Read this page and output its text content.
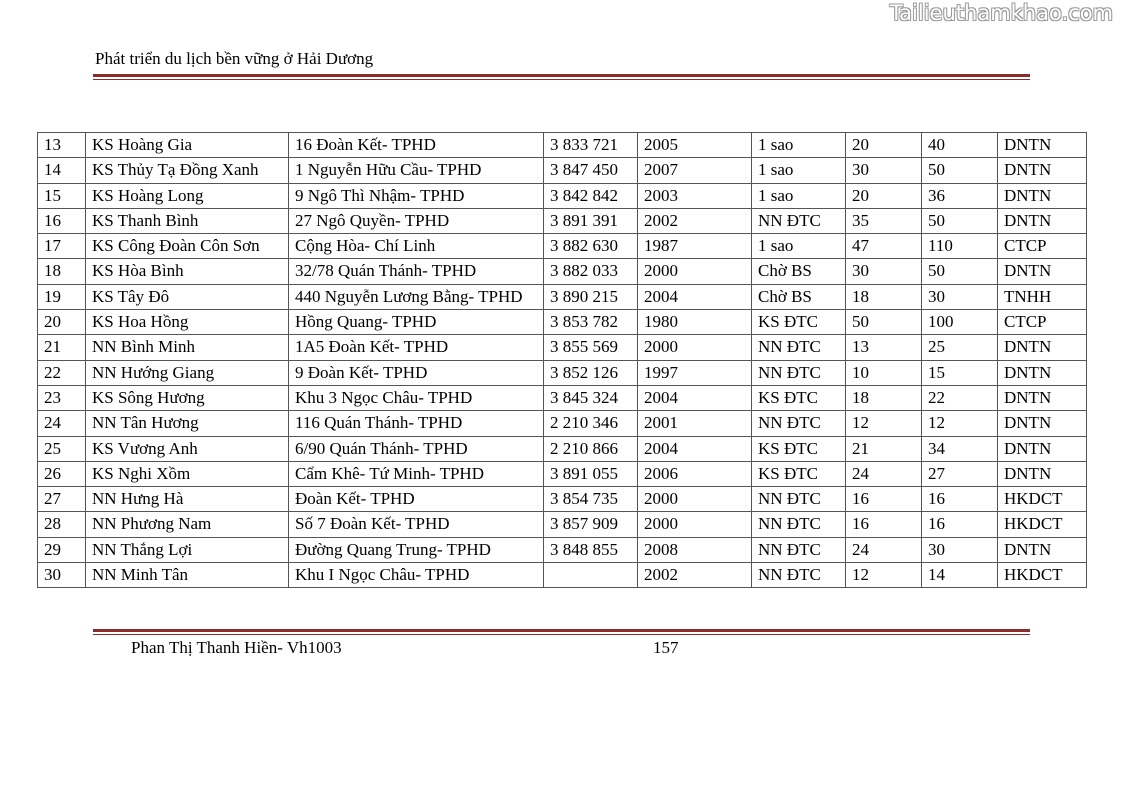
Tailieuthamkhao.com
Phát triển du lịch bền vững ở Hải Dương
13	KS Hoàng Gia	16 Đoàn Kết- TPHD	3 833 721	2005	1 sao	20	40	DNTN
14	KS Thủy Tạ Đồng Xanh	1 Nguyễn Hữu Cầu- TPHD	3 847 450	2007	1 sao	30	50	DNTN
15	KS Hoàng Long	9 Ngô Thì Nhậm- TPHD	3 842 842	2003	1 sao	20	36	DNTN
16	KS Thanh Bình	27 Ngô Quyền- TPHD	3 891 391	2002	NN ĐTC	35	50	DNTN
17	KS Công Đoàn Côn Sơn	Cộng Hòa- Chí Linh	3 882 630	1987	1 sao	47	110	CTCP
18	KS Hòa Bình	32/78 Quán Thánh- TPHD	3 882 033	2000	Chờ BS	30	50	DNTN
19	KS Tây Đô	440 Nguyễn Lương Bằng- TPHD	3 890 215	2004	Chờ BS	18	30	TNHH
20	KS Hoa Hồng	Hồng Quang- TPHD	3 853 782	1980	KS ĐTC	50	100	CTCP
21	NN Bình Minh	1A5 Đoàn Kết- TPHD	3 855 569	2000	NN ĐTC	13	25	DNTN
22	NN Hướng Giang	9 Đoàn Kết- TPHD	3 852 126	1997	NN ĐTC	10	15	DNTN
23	KS Sông Hương	Khu 3 Ngọc Châu- TPHD	3 845 324	2004	KS ĐTC	18	22	DNTN
24	NN Tân Hương	116 Quán Thánh- TPHD	2 210 346	2001	NN ĐTC	12	12	DNTN
25	KS Vương Anh	6/90 Quán Thánh- TPHD	2 210 866	2004	KS ĐTC	21	34	DNTN
26	KS Nghi Xồm	Cẩm Khê- Tứ Minh- TPHD	3 891 055	2006	KS ĐTC	24	27	DNTN
27	NN Hưng Hà	Đoàn Kết- TPHD	3 854 735	2000	NN ĐTC	16	16	HKDCT
28	NN Phương Nam	Số 7 Đoàn Kết- TPHD	3 857 909	2000	NN ĐTC	16	16	HKDCT
29	NN Thắng Lợi	Đường Quang Trung- TPHD	3 848 855	2008	NN ĐTC	24	30	DNTN
30	NN Minh Tân	Khu I Ngọc Châu- TPHD		2002	NN ĐTC	12	14	HKDCT
Phan Thị Thanh Hiền- Vh1003	157
